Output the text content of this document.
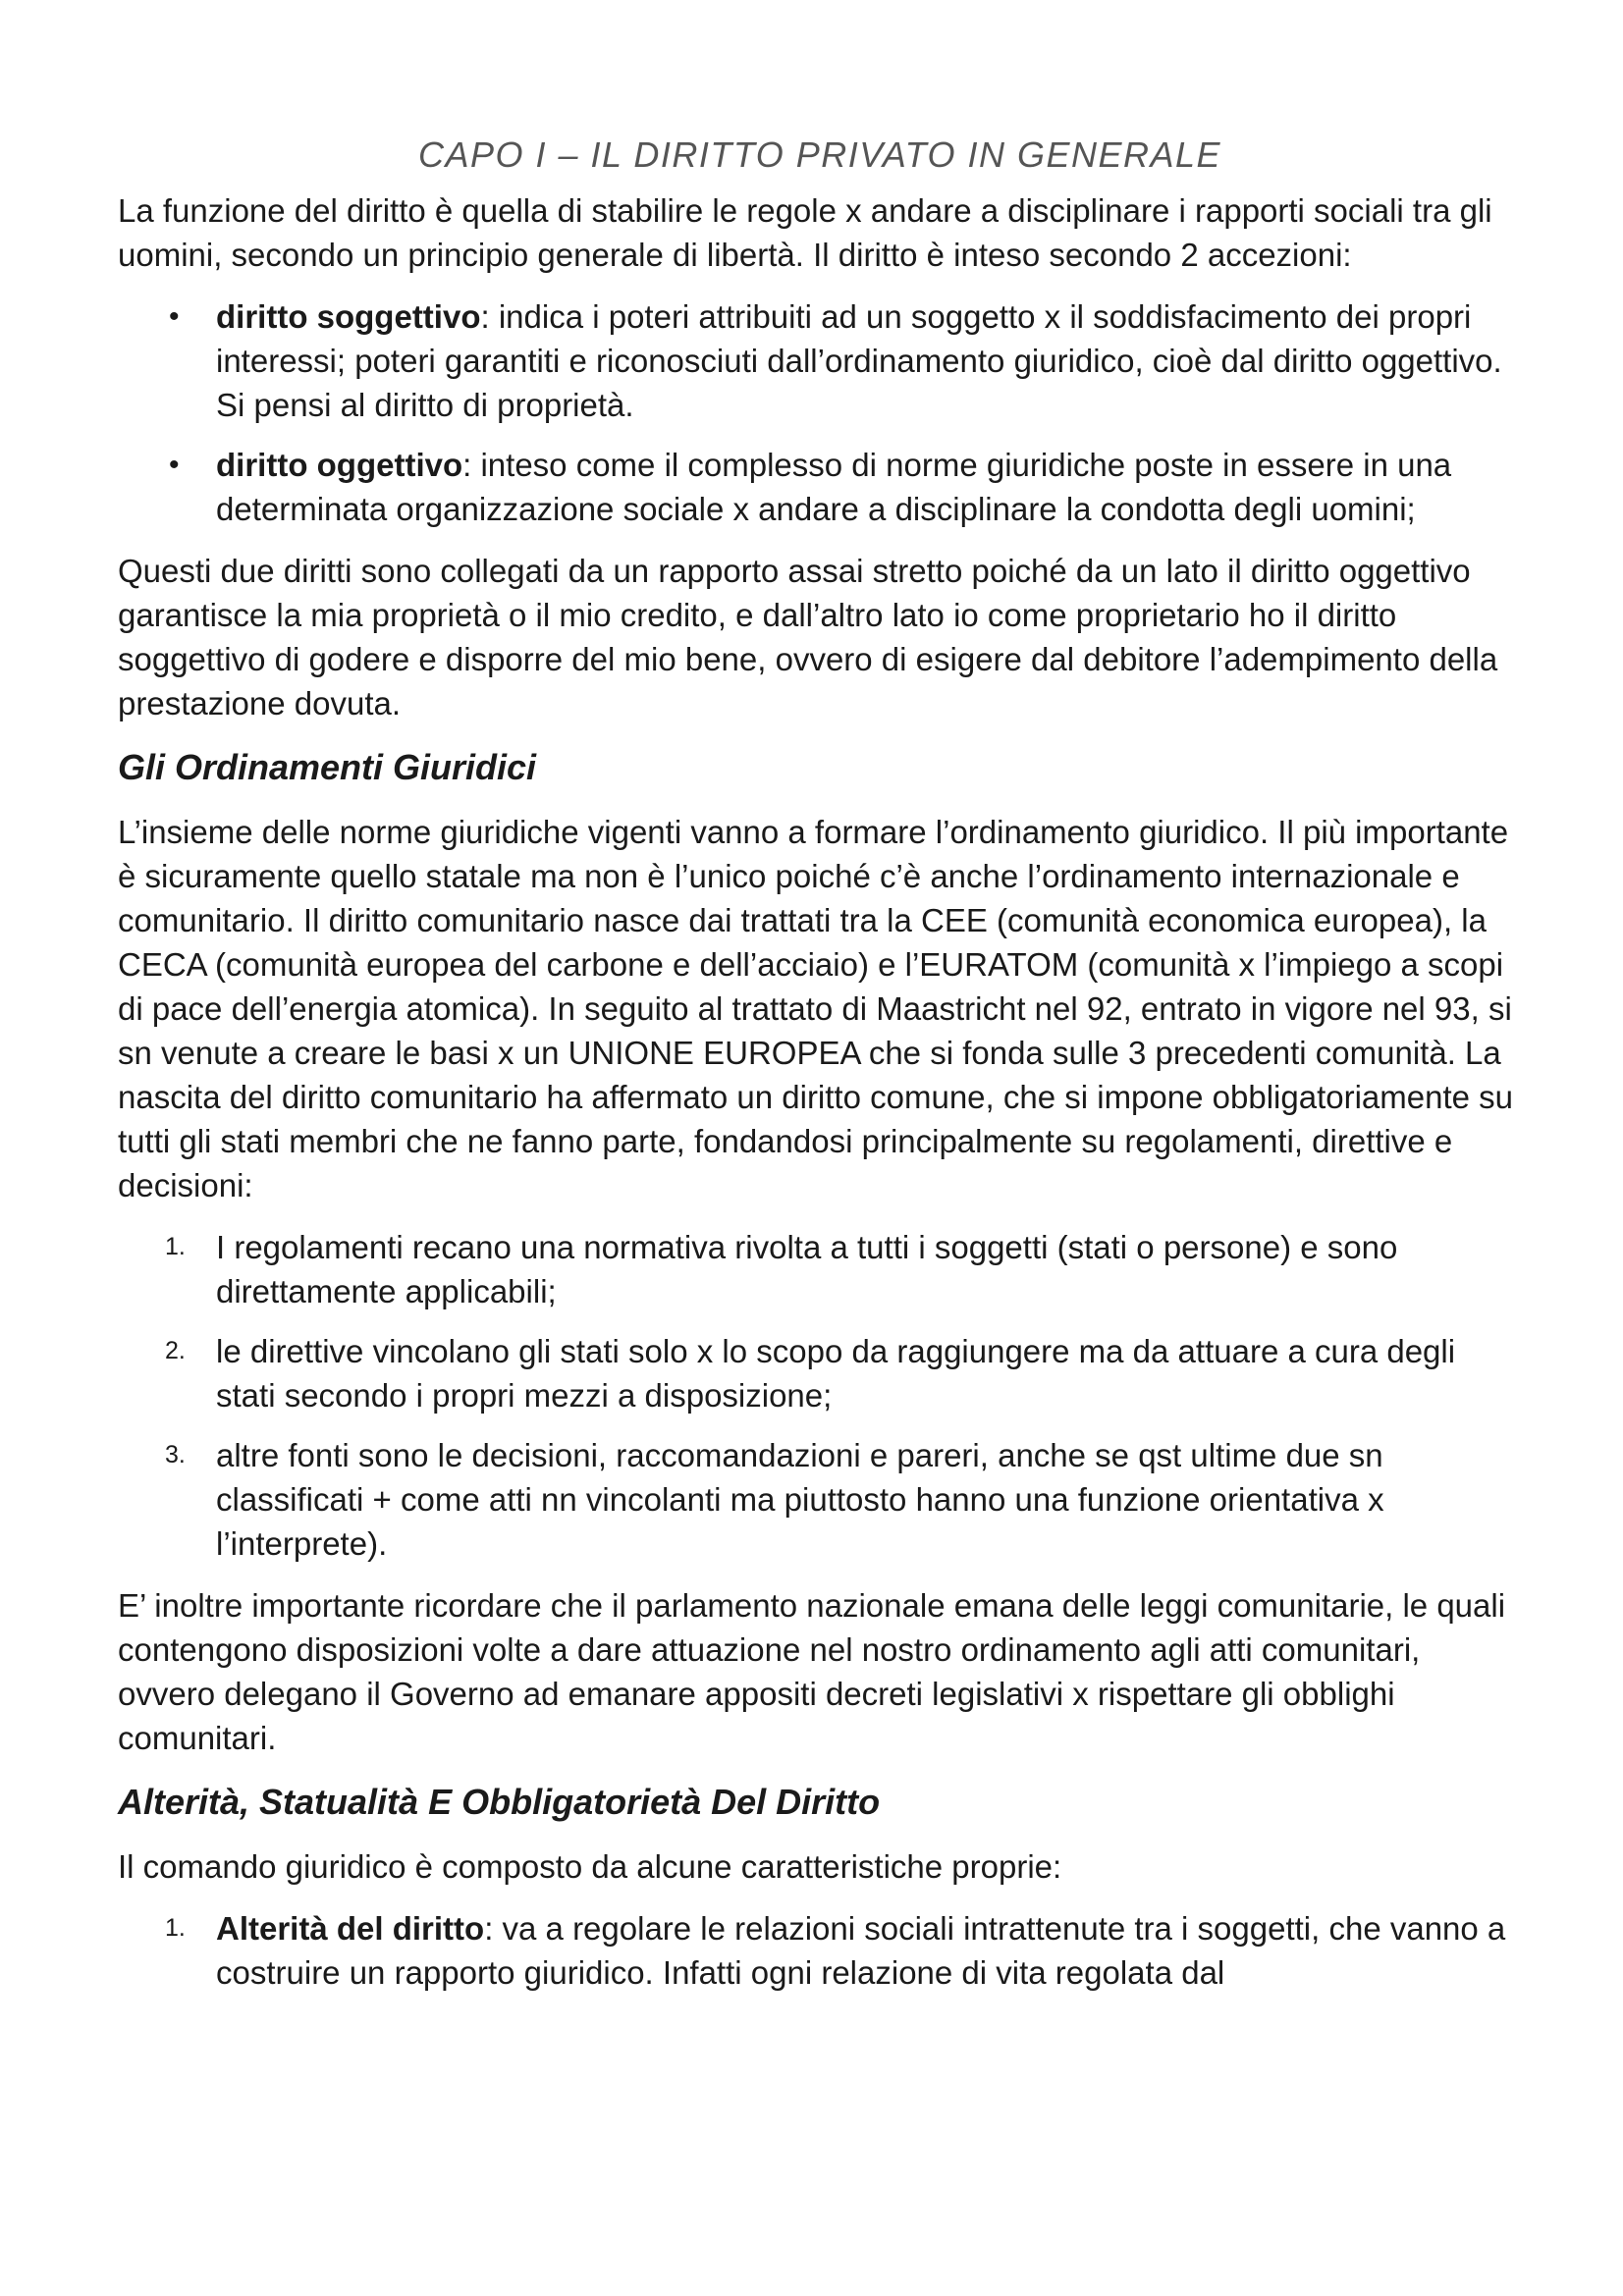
CAPO I – IL DIRITTO PRIVATO IN GENERALE

La funzione del diritto è quella di stabilire le regole x andare a disciplinare i rapporti sociali tra gli uomini, secondo un principio generale di libertà. Il diritto è inteso secondo 2 accezioni:

•	diritto soggettivo: indica i poteri attribuiti ad un soggetto x il soddisfacimento dei propri interessi; poteri garantiti e riconosciuti dall’ordinamento giuridico, cioè dal diritto oggettivo. Si pensi al diritto di proprietà.
•	diritto oggettivo: inteso come il complesso di norme giuridiche poste in essere in una determinata organizzazione sociale x andare a disciplinare la condotta degli uomini;

Questi due diritti sono collegati da un rapporto assai stretto poiché da un lato il diritto oggettivo garantisce la mia proprietà o il mio credito, e dall’altro lato io come proprietario ho il diritto soggettivo di godere e disporre del mio bene, ovvero di esigere dal debitore l’adempimento della prestazione dovuta.

Gli Ordinamenti Giuridici

L’insieme delle norme giuridiche vigenti vanno a formare l’ordinamento giuridico. Il più importante è sicuramente quello statale ma non è l’unico poiché c’è anche l’ordinamento internazionale e comunitario. Il diritto comunitario nasce dai trattati tra la CEE (comunità economica europea), la CECA (comunità europea del carbone e dell’acciaio) e l’EURATOM (comunità x l’impiego a scopi di pace dell’energia atomica). In seguito al trattato di Maastricht nel 92, entrato in vigore nel 93, si sn venute a creare le basi x un UNIONE EUROPEA che si fonda sulle 3 precedenti comunità. La nascita del diritto comunitario ha affermato un diritto comune, che si impone obbligatoriamente su tutti gli stati membri che ne fanno parte, fondandosi principalmente su regolamenti, direttive e decisioni:

1. I regolamenti recano una normativa rivolta a tutti i soggetti (stati o persone) e sono direttamente applicabili;
2. le direttive vincolano gli stati solo x lo scopo da raggiungere ma da attuare a cura degli stati secondo i propri mezzi a disposizione;
3. altre fonti sono le decisioni, raccomandazioni e pareri, anche se qst ultime due sn classificati + come atti nn vincolanti ma piuttosto hanno una funzione orientativa x l’interprete).

E’ inoltre importante ricordare che il parlamento nazionale emana delle leggi comunitarie, le quali contengono disposizioni volte a dare attuazione nel nostro ordinamento agli atti comunitari, ovvero delegano il Governo ad emanare appositi decreti legislativi x rispettare gli obblighi comunitari.

Alterità, Statualità E Obbligatorietà Del Diritto

Il comando giuridico è composto da alcune caratteristiche proprie:

1. Alterità del diritto: va a regolare le relazioni sociali intrattenute tra i soggetti, che vanno a costruire un rapporto giuridico. Infatti ogni relazione di vita regolata dal
